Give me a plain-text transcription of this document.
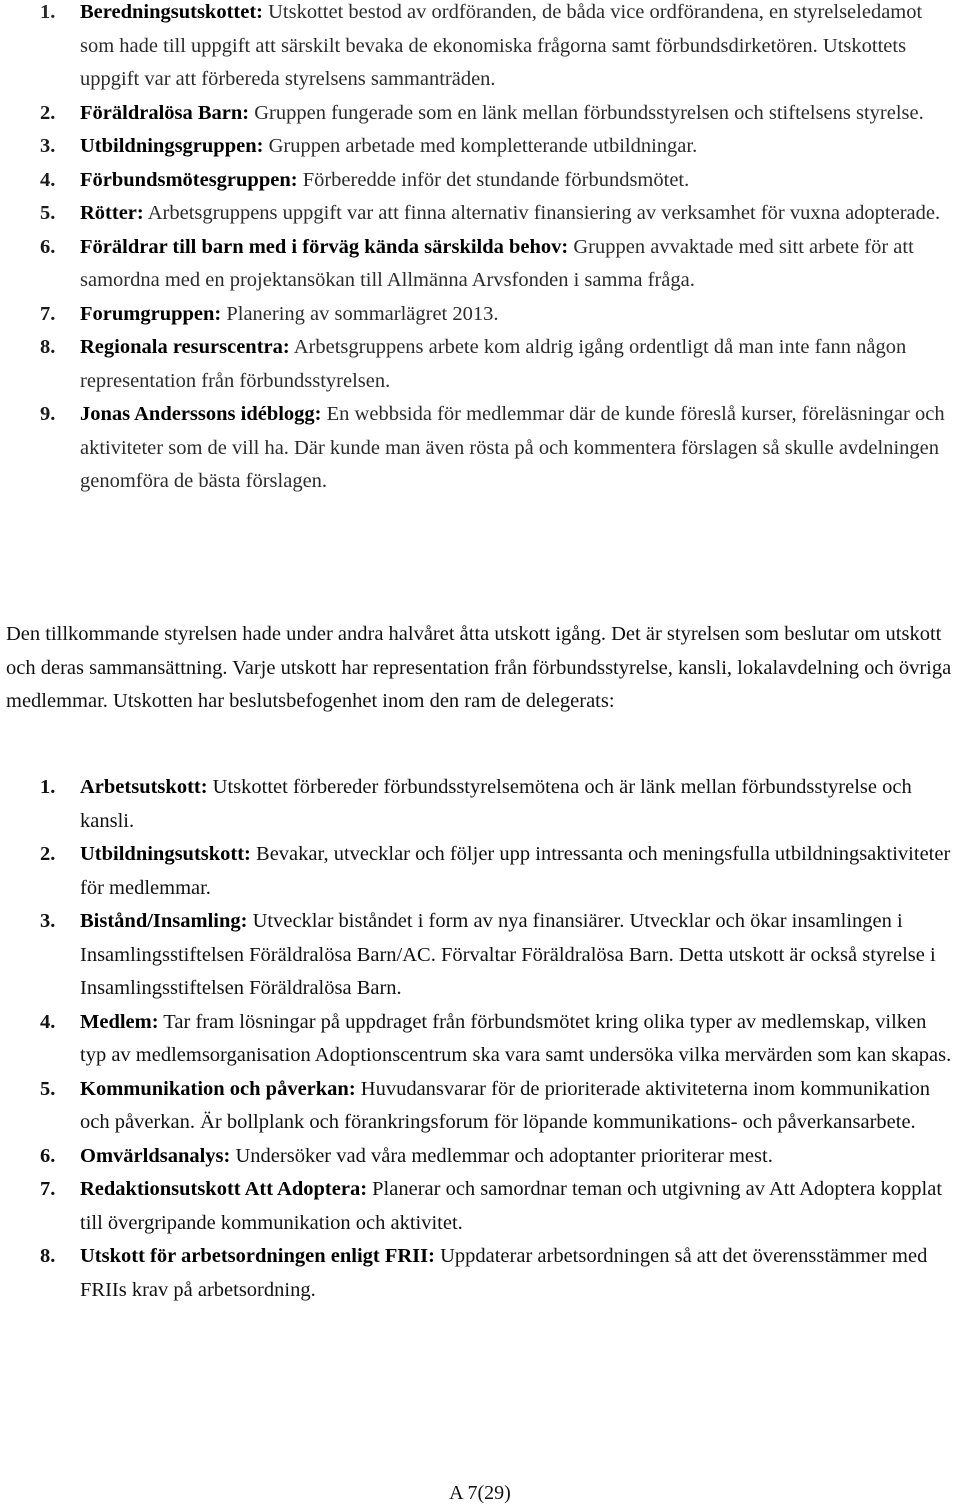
1. Beredningsutskottet: Utskottet bestod av ordföranden, de båda vice ordförandena, en styrelseledamot som hade till uppgift att särskilt bevaka de ekonomiska frågorna samt förbundsdirketören. Utskottets uppgift var att förbereda styrelsens sammanträden.
2. Föräldralösa Barn: Gruppen fungerade som en länk mellan förbundsstyrelsen och stiftelsens styrelse.
3. Utbildningsgruppen: Gruppen arbetade med kompletterande utbildningar.
4. Förbundsmötesgruppen: Förberedde inför det stundande förbundsmötet.
5. Rötter: Arbetsgruppens uppgift var att finna alternativ finansiering av verksamhet för vuxna adopterade.
6. Föräldrar till barn med i förväg kända särskilda behov: Gruppen avvaktade med sitt arbete för att samordna med en projektansökan till Allmänna Arvsfonden i samma fråga.
7. Forumgruppen: Planering av sommarlägret 2013.
8. Regionala resurscentra: Arbetsgruppens arbete kom aldrig igång ordentligt då man inte fann någon representation från förbundsstyrelsen.
9. Jonas Anderssons idéblogg: En webbsida för medlemmar där de kunde föreslå kurser, föreläsningar och aktiviteter som de vill ha. Där kunde man även rösta på och kommentera förslagen så skulle avdelningen genomföra de bästa förslagen.

Den tillkommande styrelsen hade under andra halvåret åtta utskott igång. Det är styrelsen som beslutar om utskott och deras sammansättning. Varje utskott har representation från förbundsstyrelse, kansli, lokalavdelning och övriga medlemmar. Utskotten har beslutsbefogenhet inom den ram de delegerats:

1. Arbetsutskott: Utskottet förbereder förbundsstyrelsemötena och är länk mellan förbundsstyrelse och kansli.
2. Utbildningsutskott: Bevakar, utvecklar och följer upp intressanta och meningsfulla utbildningsaktiviteter för medlemmar.
3. Bistånd/Insamling: Utvecklar biståndet i form av nya finansiärer. Utvecklar och ökar insamlingen i Insamlingsstiftelsen Föräldralösa Barn/AC. Förvaltar Föräldralösa Barn. Detta utskott är också styrelse i Insamlingsstiftelsen Föräldralösa Barn.
4. Medlem: Tar fram lösningar på uppdraget från förbundsmötet kring olika typer av medlemskap, vilken typ av medlemsorganisation Adoptionscentrum ska vara samt undersöka vilka mervärden som kan skapas.
5. Kommunikation och påverkan: Huvudansvarar för de prioriterade aktiviteterna inom kommunikation och påverkan. Är bollplank och förankringsforum för löpande kommunikations- och påverkansarbete.
6. Omvärldsanalys: Undersöker vad våra medlemmar och adoptanter prioriterar mest.
7. Redaktionsutskott Att Adoptera: Planerar och samordnar teman och utgivning av Att Adoptera kopplat till övergripande kommunikation och aktivitet.
8. Utskott för arbetsordningen enligt FRII: Uppdaterar arbetsordningen så att det överensstämmer med FRIIs krav på arbetsordning.
A 7(29)
